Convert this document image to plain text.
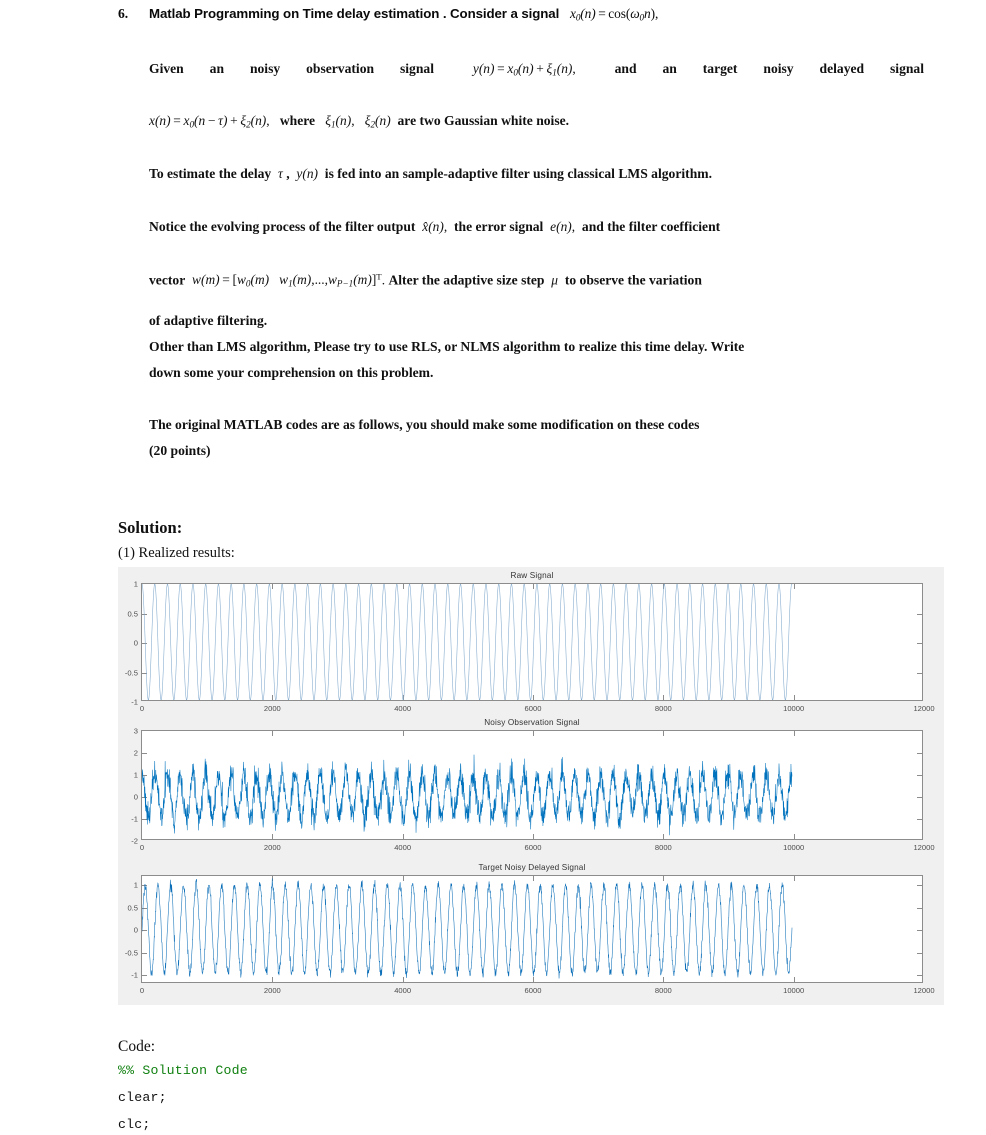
6.	Matlab Programming on Time delay estimation . Consider a signal $x_0(n) = \cos(\omega_0n)$,
Given  an  noisy  observation  signal   $y(n) = x_0(n) + \xi_1(n)$,   and  an  target  noisy  delayed  signal
$x(n) = x_0(n - \tau) + \xi_2(n)$,   where   $\xi_1(n)$, $\xi_2(n)$  are two Gaussian white noise.
To estimate the delay  τ ,  y(n)  is fed into an sample-adaptive filter using classical LMS algorithm.
Notice the evolving process of the filter output  x̂(n),  the error signal  e(n),  and the filter coefficient
vector  $w(m) = [w_0(m)$   $w_1(m),...,w_{P-1}(m)]^T$. Alter the adaptive size step  μ  to observe the variation
of adaptive filtering.
Other than LMS algorithm, Please try to use RLS, or NLMS algorithm to realize this time delay. Write
down some your comprehension on this problem.
The original MATLAB codes are as follows, you should make some modification on these codes
(20 points)
Solution:
(1) Realized results:
Raw Signal
-1
-0.5
0
0.5
1
0	2000	4000	6000	8000	10000	12000
Noisy Observation Signal
-2
-1
0
1
2
3
0	2000	4000	6000	8000	10000	12000
Target Noisy Delayed Signal
-1
-0.5
0
0.5
1
0	2000	4000	6000	8000	10000	12000
Code:
%% Solution Code
clear;
clc;
